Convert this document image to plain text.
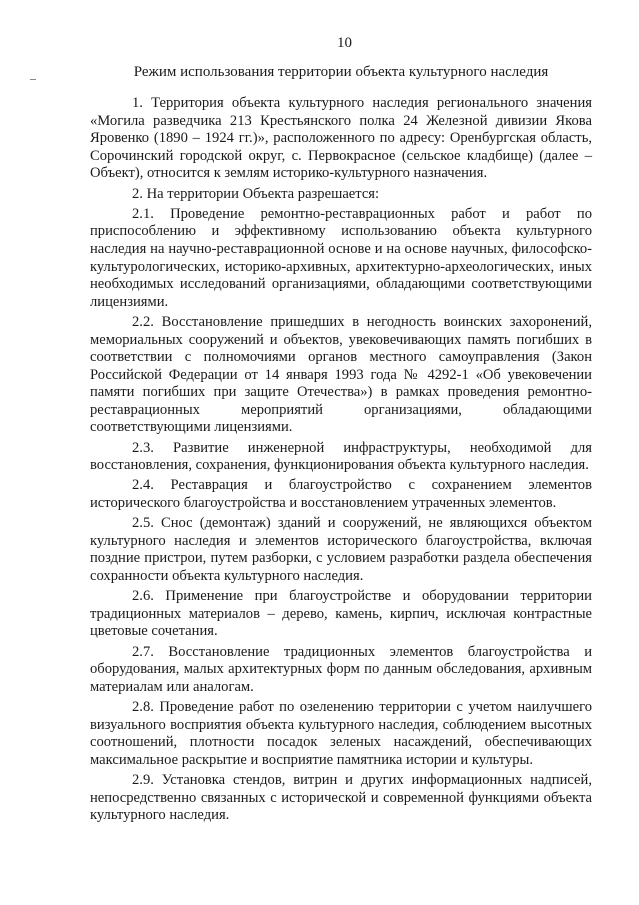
10
Режим использования территории объекта культурного наследия

1. Территория объекта культурного наследия регионального значения «Могила разведчика 213 Крестьянского полка 24 Железной дивизии Якова Яровенко (1890 – 1924 гг.)», расположенного по адресу: Оренбургская область, Сорочинский городской округ, с. Первокрасное (сельское кладбище) (далее – Объект), относится к землям историко-культурного назначения.

2. На территории Объекта разрешается:

2.1. Проведение ремонтно-реставрационных работ и работ по приспособлению и эффективному использованию объекта культурного наследия на научно-реставрационной основе и на основе научных, философско-культурологических, историко-архивных, архитектурно-археологических, иных необходимых исследований организациями, обладающими соответствующими лицензиями.

2.2. Восстановление пришедших в негодность воинских захоронений, мемориальных сооружений и объектов, увековечивающих память погибших в соответствии с полномочиями органов местного самоуправления (Закон Российской Федерации от 14 января 1993 года № 4292-1 «Об увековечении памяти погибших при защите Отечества») в рамках проведения ремонтно-реставрационных мероприятий организациями, обладающими соответствующими лицензиями.

2.3. Развитие инженерной инфраструктуры, необходимой для восстановления, сохранения, функционирования объекта культурного наследия.

2.4. Реставрация и благоустройство с сохранением элементов исторического благоустройства и восстановлением утраченных элементов.

2.5. Снос (демонтаж) зданий и сооружений, не являющихся объектом культурного наследия и элементов исторического благоустройства, включая поздние пристрои, путем разборки, с условием разработки раздела обеспечения сохранности объекта культурного наследия.

2.6. Применение при благоустройстве и оборудовании территории традиционных материалов – дерево, камень, кирпич, исключая контрастные цветовые сочетания.

2.7. Восстановление традиционных элементов благоустройства и оборудования, малых архитектурных форм по данным обследования, архивным материалам или аналогам.

2.8. Проведение работ по озеленению территории с учетом наилучшего визуального восприятия объекта культурного наследия, соблюдением высотных соотношений, плотности посадок зеленых насаждений, обеспечивающих максимальное раскрытие и восприятие памятника истории и культуры.

2.9. Установка стендов, витрин и других информационных надписей, непосредственно связанных с исторической и современной функциями объекта культурного наследия.
